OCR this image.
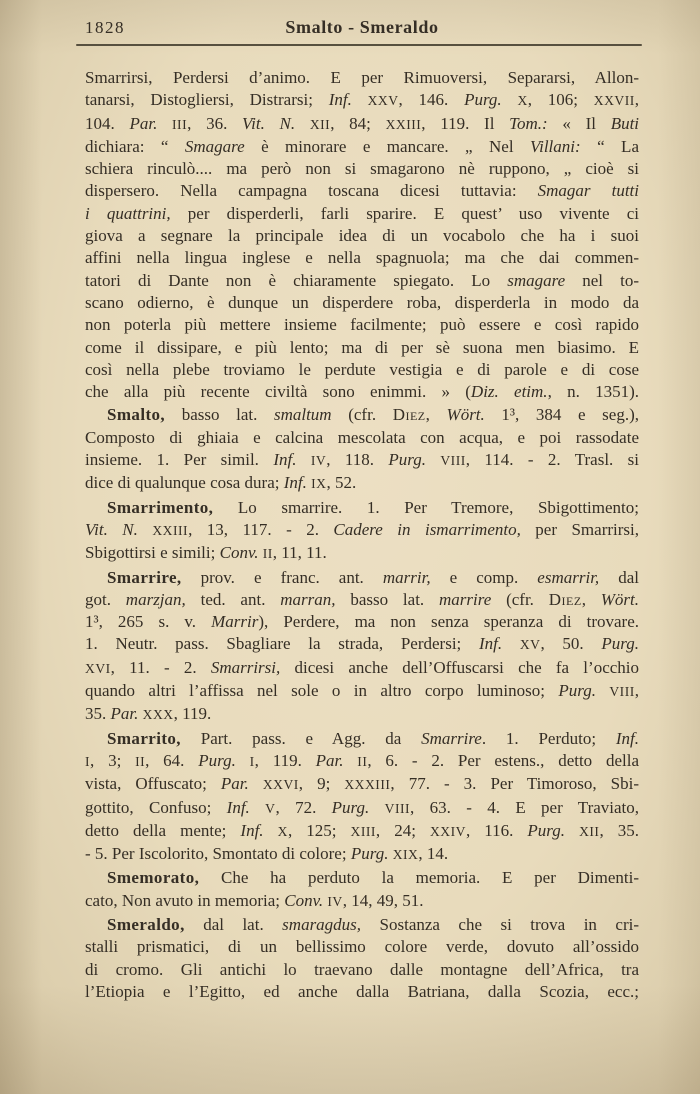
1828	Smalto - Smeraldo
Smarrirsi, Perdersi d’animo. E per Rimuoversi, Separarsi, Allon-
tanarsi, Distogliersi, Distrarsi; Inf. XXV, 146. Purg. X, 106; XXVII,
104. Par. III, 36. Vit. N. XII, 84; XXIII, 119. Il Tom.: « Il Buti
dichiara: “ Smagare è minorare e mancare. „ Nel Villani: “ La
schiera rinculò.... ma però non si smagarono nè ruppono, „ cioè si
dispersero. Nella campagna toscana dicesi tuttavia: Smagar tutti
i quattrini, per disperderli, farli sparire. E quest’ uso vivente ci
giova a segnare la principale idea di un vocabolo che ha i suoi
affini nella lingua inglese e nella spagnuola; ma che dai commen-
tatori di Dante non è chiaramente spiegato. Lo smagare nel to-
scano odierno, è dunque un disperdere roba, disperderla in modo da
non poterla più mettere insieme facilmente; può essere e così rapido
come il dissipare, e più lento; ma di per sè suona men biasimo. E
così nella plebe troviamo le perdute vestigia e di parole e di cose
che alla più recente civiltà sono enimmi. » (Diz. etim., n. 1351).
Smalto, basso lat. smaltum (cfr. Diez, Wört. 1³, 384 e seg.),
Composto di ghiaia e calcina mescolata con acqua, e poi rassodate
insieme. 1. Per simil. Inf. IV, 118. Purg. VIII, 114. - 2. Trasl. si
dice di qualunque cosa dura; Inf. IX, 52.
Smarrimento, Lo smarrire. 1. Per Tremore, Sbigottimento;
Vit. N. XXIII, 13, 117. - 2. Cadere in ismarrimento, per Smarrirsi,
Sbigottirsi e simili; Conv. II, 11, 11.
Smarrire, prov. e franc. ant. marrir, e comp. esmarrir, dal
got. marzjan, ted. ant. marran, basso lat. marrire (cfr. Diez, Wört.
1³, 265 s. v. Marrir), Perdere, ma non senza speranza di trovare.
1. Neutr. pass. Sbagliare la strada, Perdersi; Inf. XV, 50. Purg.
XVI, 11. - 2. Smarrirsi, dicesi anche dell’Offuscarsi che fa l’occhio
quando altri l’affissa nel sole o in altro corpo luminoso; Purg. VIII,
35. Par. XXX, 119.
Smarrito, Part. pass. e Agg. da Smarrire. 1. Perduto; Inf.
I, 3; II, 64. Purg. I, 119. Par. II, 6. - 2. Per estens., detto della
vista, Offuscato; Par. XXVI, 9; XXXIII, 77. - 3. Per Timoroso, Sbi-
gottito, Confuso; Inf. V, 72. Purg. VIII, 63. - 4. E per Traviato,
detto della mente; Inf. X, 125; XIII, 24; XXIV, 116. Purg. XII, 35.
- 5. Per Iscolorito, Smontato di colore; Purg. XIX, 14.
Smemorato, Che ha perduto la memoria. E per Dimenti-
cato, Non avuto in memoria; Conv. IV, 14, 49, 51.
Smeraldo, dal lat. smaragdus, Sostanza che si trova in cri-
stalli prismatici, di un bellissimo colore verde, dovuto all’ossido
di cromo. Gli antichi lo traevano dalle montagne dell’Africa, tra
l’Etiopia e l’Egitto, ed anche dalla Batriana, dalla Scozia, ecc.;
